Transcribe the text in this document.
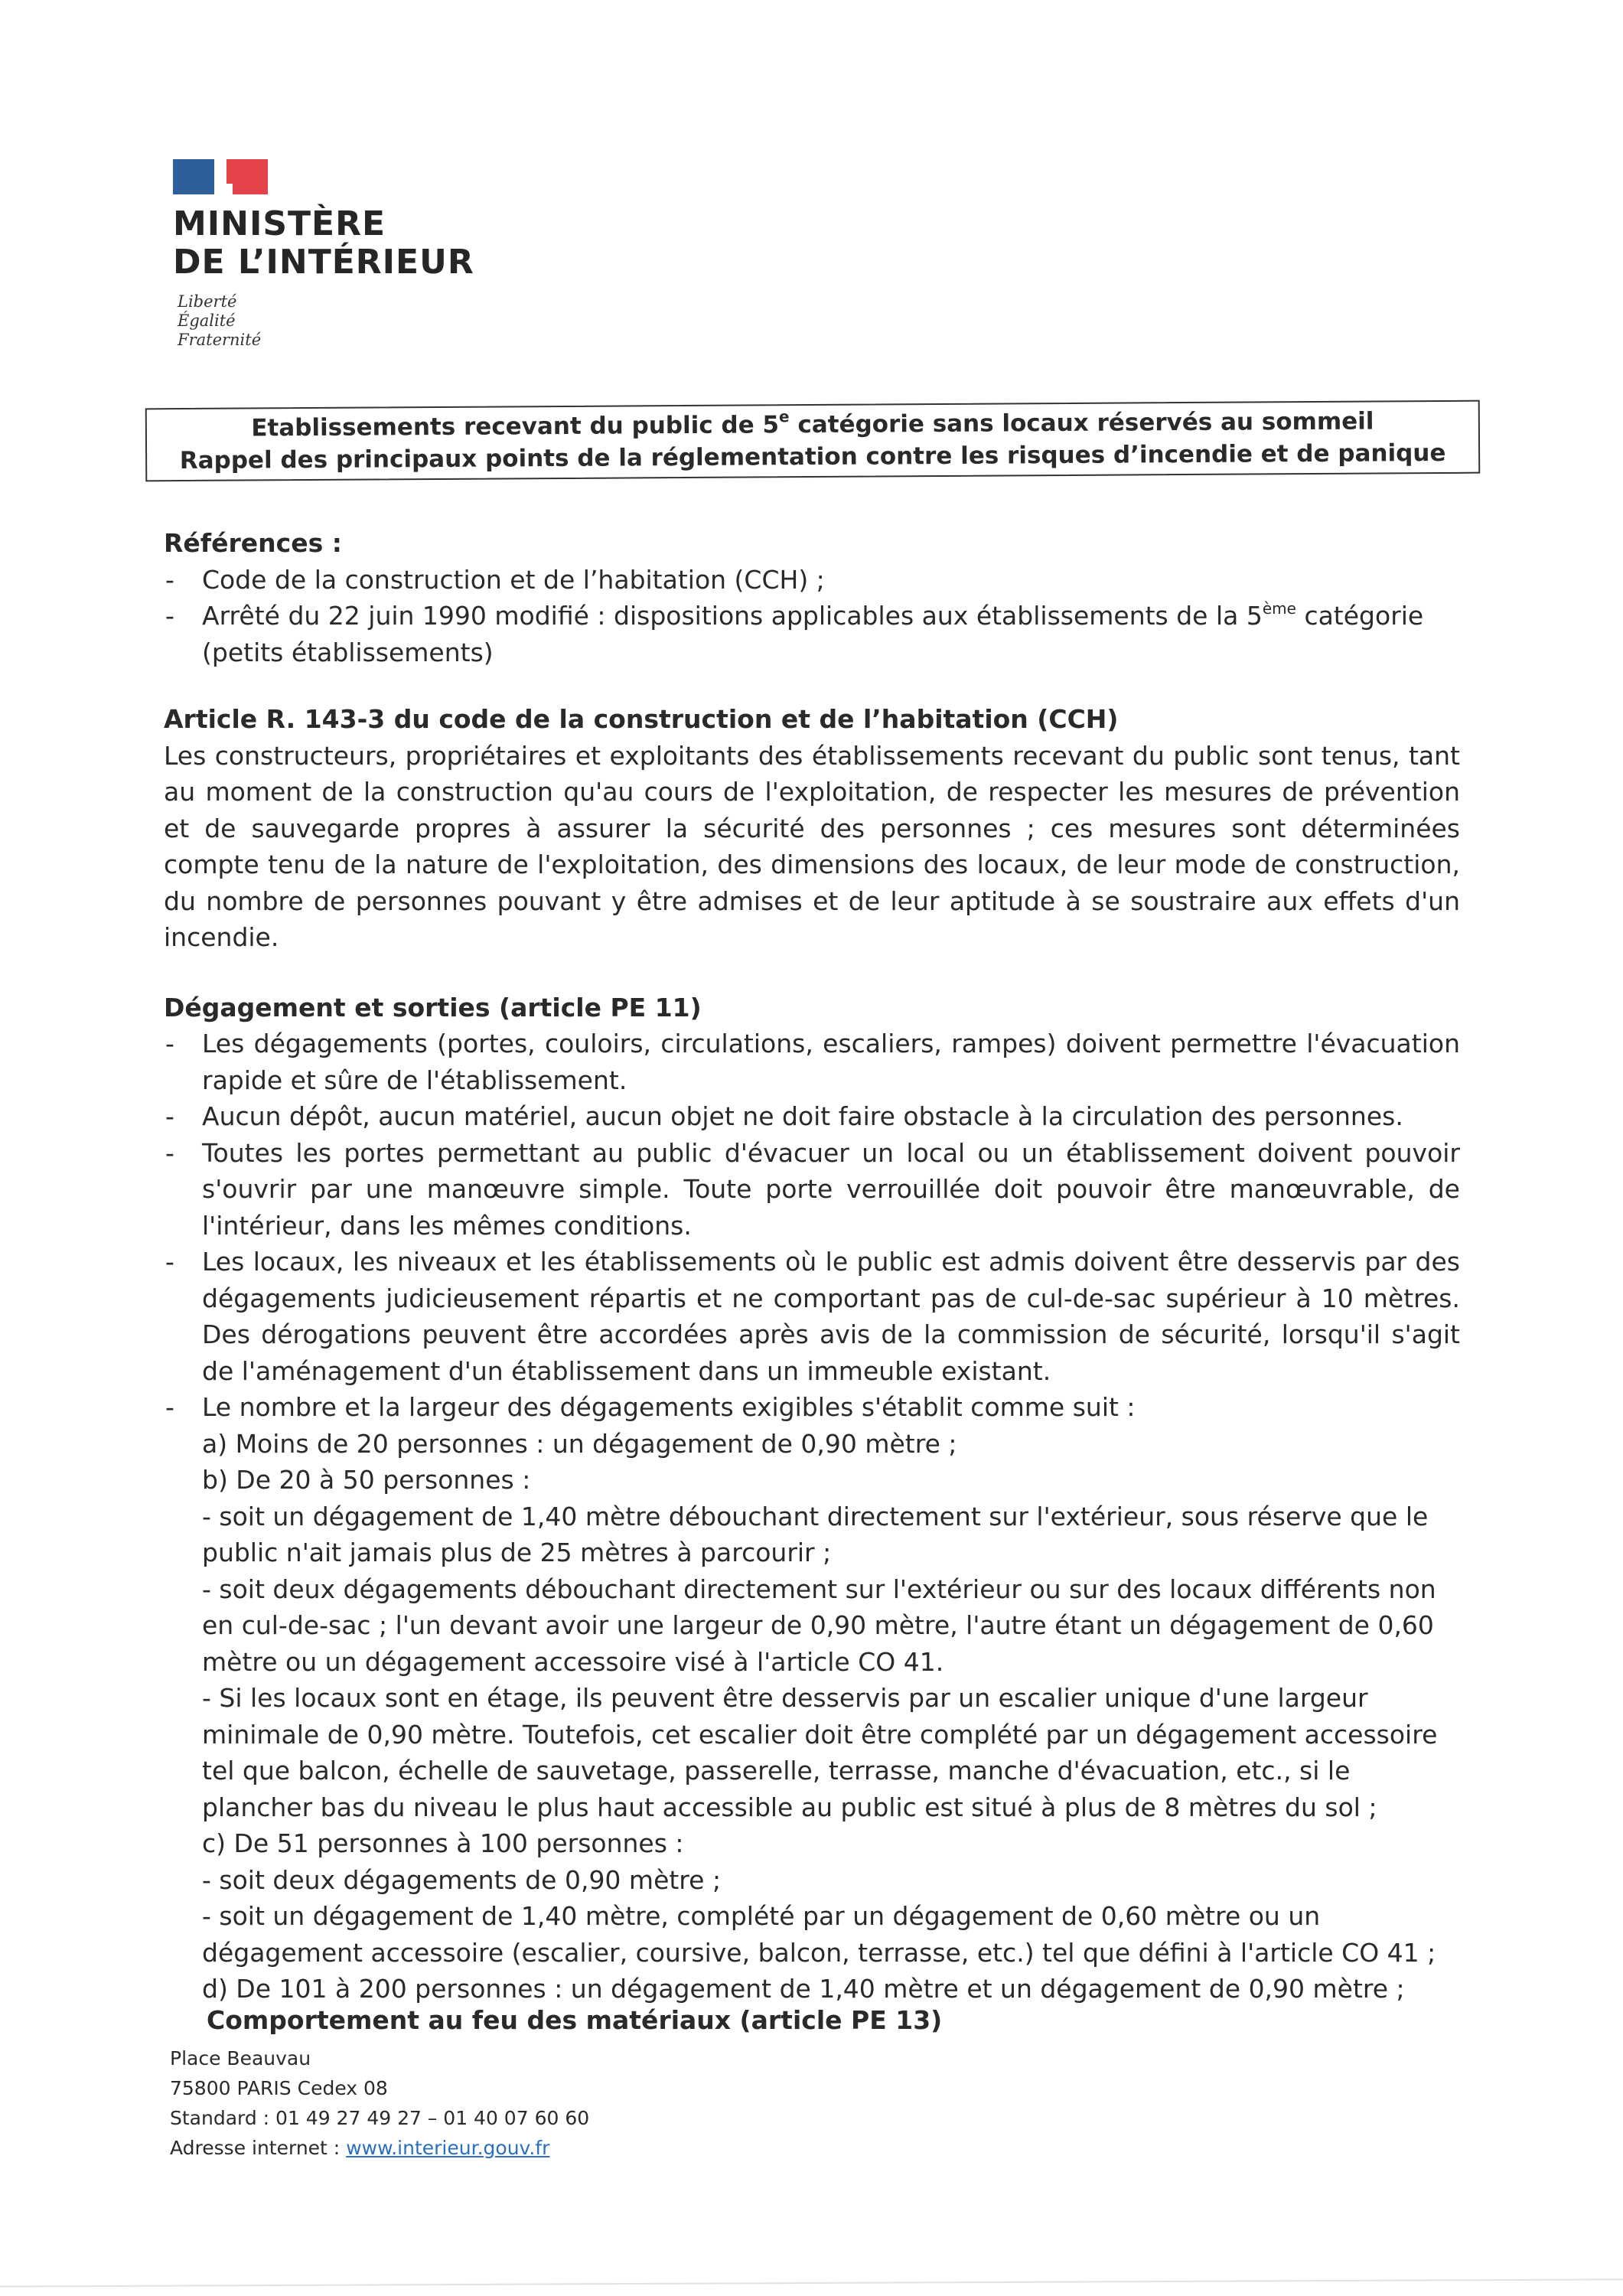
MINISTÈRE
DE L’INTÉRIEUR
Liberté
Égalité
Fraternité
Etablissements recevant du public de 5e catégorie sans locaux réservés au sommeil
Rappel des principaux points de la réglementation contre les risques d’incendie et de panique
Références :
- Code de la construction et de l’habitation (CCH) ;
- Arrêté du 22 juin 1990 modifié : dispositions applicables aux établissements de la 5ème catégorie (petits établissements)
Article R. 143-3 du code de la construction et de l’habitation (CCH)
Les constructeurs, propriétaires et exploitants des établissements recevant du public sont tenus, tant au moment de la construction qu'au cours de l'exploitation, de respecter les mesures de prévention et de sauvegarde propres à assurer la sécurité des personnes ; ces mesures sont déterminées compte tenu de la nature de l'exploitation, des dimensions des locaux, de leur mode de construction, du nombre de personnes pouvant y être admises et de leur aptitude à se soustraire aux effets d'un incendie.
Dégagement et sorties (article PE 11)
- Les dégagements (portes, couloirs, circulations, escaliers, rampes) doivent permettre l'évacuation rapide et sûre de l'établissement.
- Aucun dépôt, aucun matériel, aucun objet ne doit faire obstacle à la circulation des personnes.
- Toutes les portes permettant au public d'évacuer un local ou un établissement doivent pouvoir s'ouvrir par une manœuvre simple. Toute porte verrouillée doit pouvoir être manœuvrable, de l'intérieur, dans les mêmes conditions.
- Les locaux, les niveaux et les établissements où le public est admis doivent être desservis par des dégagements judicieusement répartis et ne comportant pas de cul-de-sac supérieur à 10 mètres. Des dérogations peuvent être accordées après avis de la commission de sécurité, lorsqu'il s'agit de l'aménagement d'un établissement dans un immeuble existant.
- Le nombre et la largeur des dégagements exigibles s'établit comme suit :
a) Moins de 20 personnes : un dégagement de 0,90 mètre ;
b) De 20 à 50 personnes :
- soit un dégagement de 1,40 mètre débouchant directement sur l'extérieur, sous réserve que le public n'ait jamais plus de 25 mètres à parcourir ;
- soit deux dégagements débouchant directement sur l'extérieur ou sur des locaux différents non en cul-de-sac ; l'un devant avoir une largeur de 0,90 mètre, l'autre étant un dégagement de 0,60 mètre ou un dégagement accessoire visé à l'article CO 41.
- Si les locaux sont en étage, ils peuvent être desservis par un escalier unique d'une largeur minimale de 0,90 mètre. Toutefois, cet escalier doit être complété par un dégagement accessoire tel que balcon, échelle de sauvetage, passerelle, terrasse, manche d'évacuation, etc., si le plancher bas du niveau le plus haut accessible au public est situé à plus de 8 mètres du sol ;
c) De 51 personnes à 100 personnes :
- soit deux dégagements de 0,90 mètre ;
- soit un dégagement de 1,40 mètre, complété par un dégagement de 0,60 mètre ou un dégagement accessoire (escalier, coursive, balcon, terrasse, etc.) tel que défini à l'article CO 41 ;
d) De 101 à 200 personnes : un dégagement de 1,40 mètre et un dégagement de 0,90 mètre ;
Comportement au feu des matériaux (article PE 13)
Place Beauvau
75800 PARIS Cedex 08
Standard : 01 49 27 49 27 – 01 40 07 60 60
Adresse internet : www.interieur.gouv.fr
